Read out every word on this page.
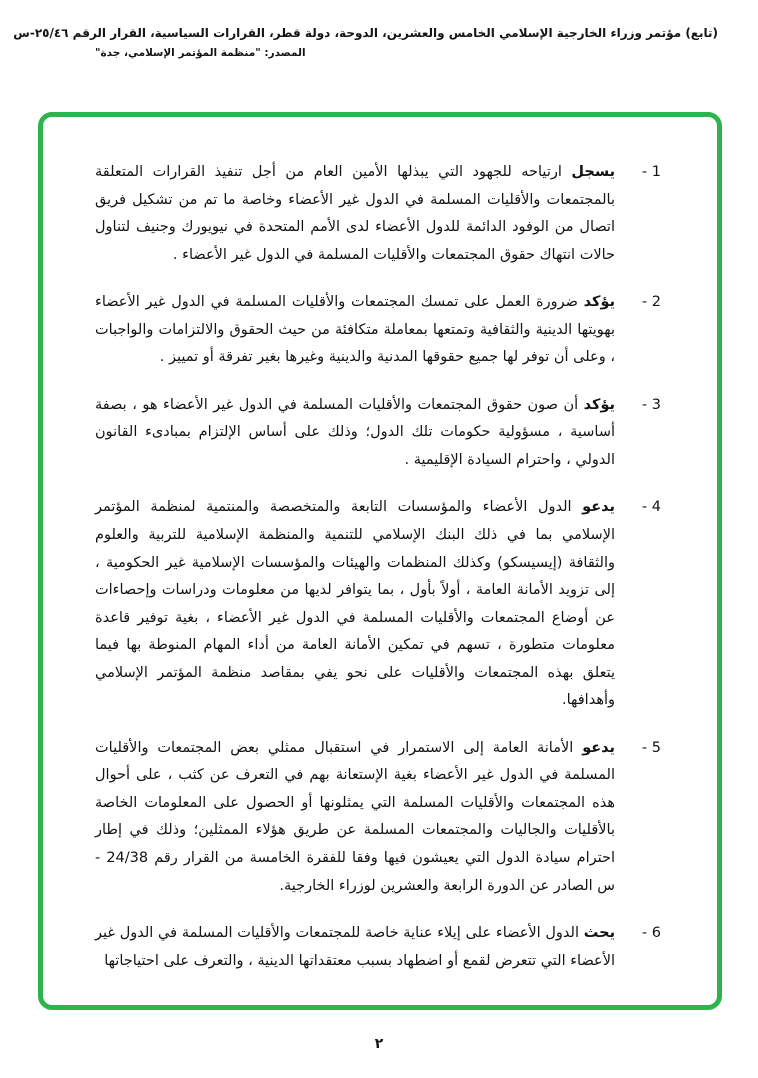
(تابع) مؤتمر وزراء الخارجية الإسلامي الخامس والعشرين، الدوحة، دولة قطر، القرارات السياسية، القرار الرقم ٢٥/٤٦-س
المصدر: "منظمة المؤتمر الإسلامي، جدة"
1 -
يسجل ارتياحه للجهود التي يبذلها الأمين العام من أجل تنفيذ القرارات المتعلقة بالمجتمعات والأقليات المسلمة في الدول غير الأعضاء وخاصة ما تم من تشكيل فريق اتصال من الوفود الدائمة للدول الأعضاء لدى الأمم المتحدة في نيويورك وجنيف لتناول حالات انتهاك حقوق المجتمعات والأقليات المسلمة في الدول غير الأعضاء .
2 -
يؤكد ضرورة العمل على تمسك المجتمعات والأقليات المسلمة في الدول غير الأعضاء بهويتها الدينية والثقافية وتمتعها بمعاملة متكافئة من حيث الحقوق والالتزامات والواجبات ، وعلى أن توفر لها جميع حقوقها المدنية والدينية وغيرها بغير تفرقة أو تمييز .
3 -
يؤكد أن صون حقوق المجتمعات والأقليات المسلمة في الدول غير الأعضاء هو ، بصفة أساسية ، مسؤولية حكومات تلك الدول؛ وذلك على أساس الإلتزام بمبادىء القانون الدولي ، واحترام السيادة الإقليمية .
4 -
يدعو الدول الأعضاء والمؤسسات التابعة والمتخصصة والمنتمية لمنظمة المؤتمر الإسلامي بما في ذلك البنك الإسلامي للتنمية والمنظمة الإسلامية للتربية والعلوم والثقافة (إيسيسكو) وكذلك المنظمات والهيئات والمؤسسات الإسلامية غير الحكومية ، إلى تزويد الأمانة العامة ، أولاً بأول ، بما يتوافر لديها من معلومات ودراسات وإحصاءات عن أوضاع المجتمعات والأقليات المسلمة في الدول غير الأعضاء ، بغية توفير قاعدة معلومات متطورة ، تسهم في تمكين الأمانة العامة من أداء المهام المنوطة بها فيما يتعلق بهذه المجتمعات والأقليات على نحو يفي بمقاصد منظمة المؤتمر الإسلامي وأهدافها.
5 -
يدعو الأمانة العامة إلى الاستمرار في استقبال ممثلي بعض المجتمعات والأقليات المسلمة في الدول غير الأعضاء بغية الإستعانة بهم في التعرف عن كثب ، على أحوال هذه المجتمعات والأقليات المسلمة التي يمثلونها أو الحصول على المعلومات الخاصة بالأقليات والجاليات والمجتمعات المسلمة عن طريق هؤلاء الممثلين؛ وذلك في إطار احترام سيادة الدول التي يعيشون فيها وفقا للفقرة الخامسة من القرار رقم 24/38 - س الصادر عن الدورة الرابعة والعشرين لوزراء الخارجية.
6 -
يحث الدول الأعضاء على إيلاء عناية خاصة للمجتمعات والأقليات المسلمة في الدول غير الأعضاء التي تتعرض لقمع أو اضطهاد بسبب معتقداتها الدينية ، والتعرف على احتياجاتها
٢
